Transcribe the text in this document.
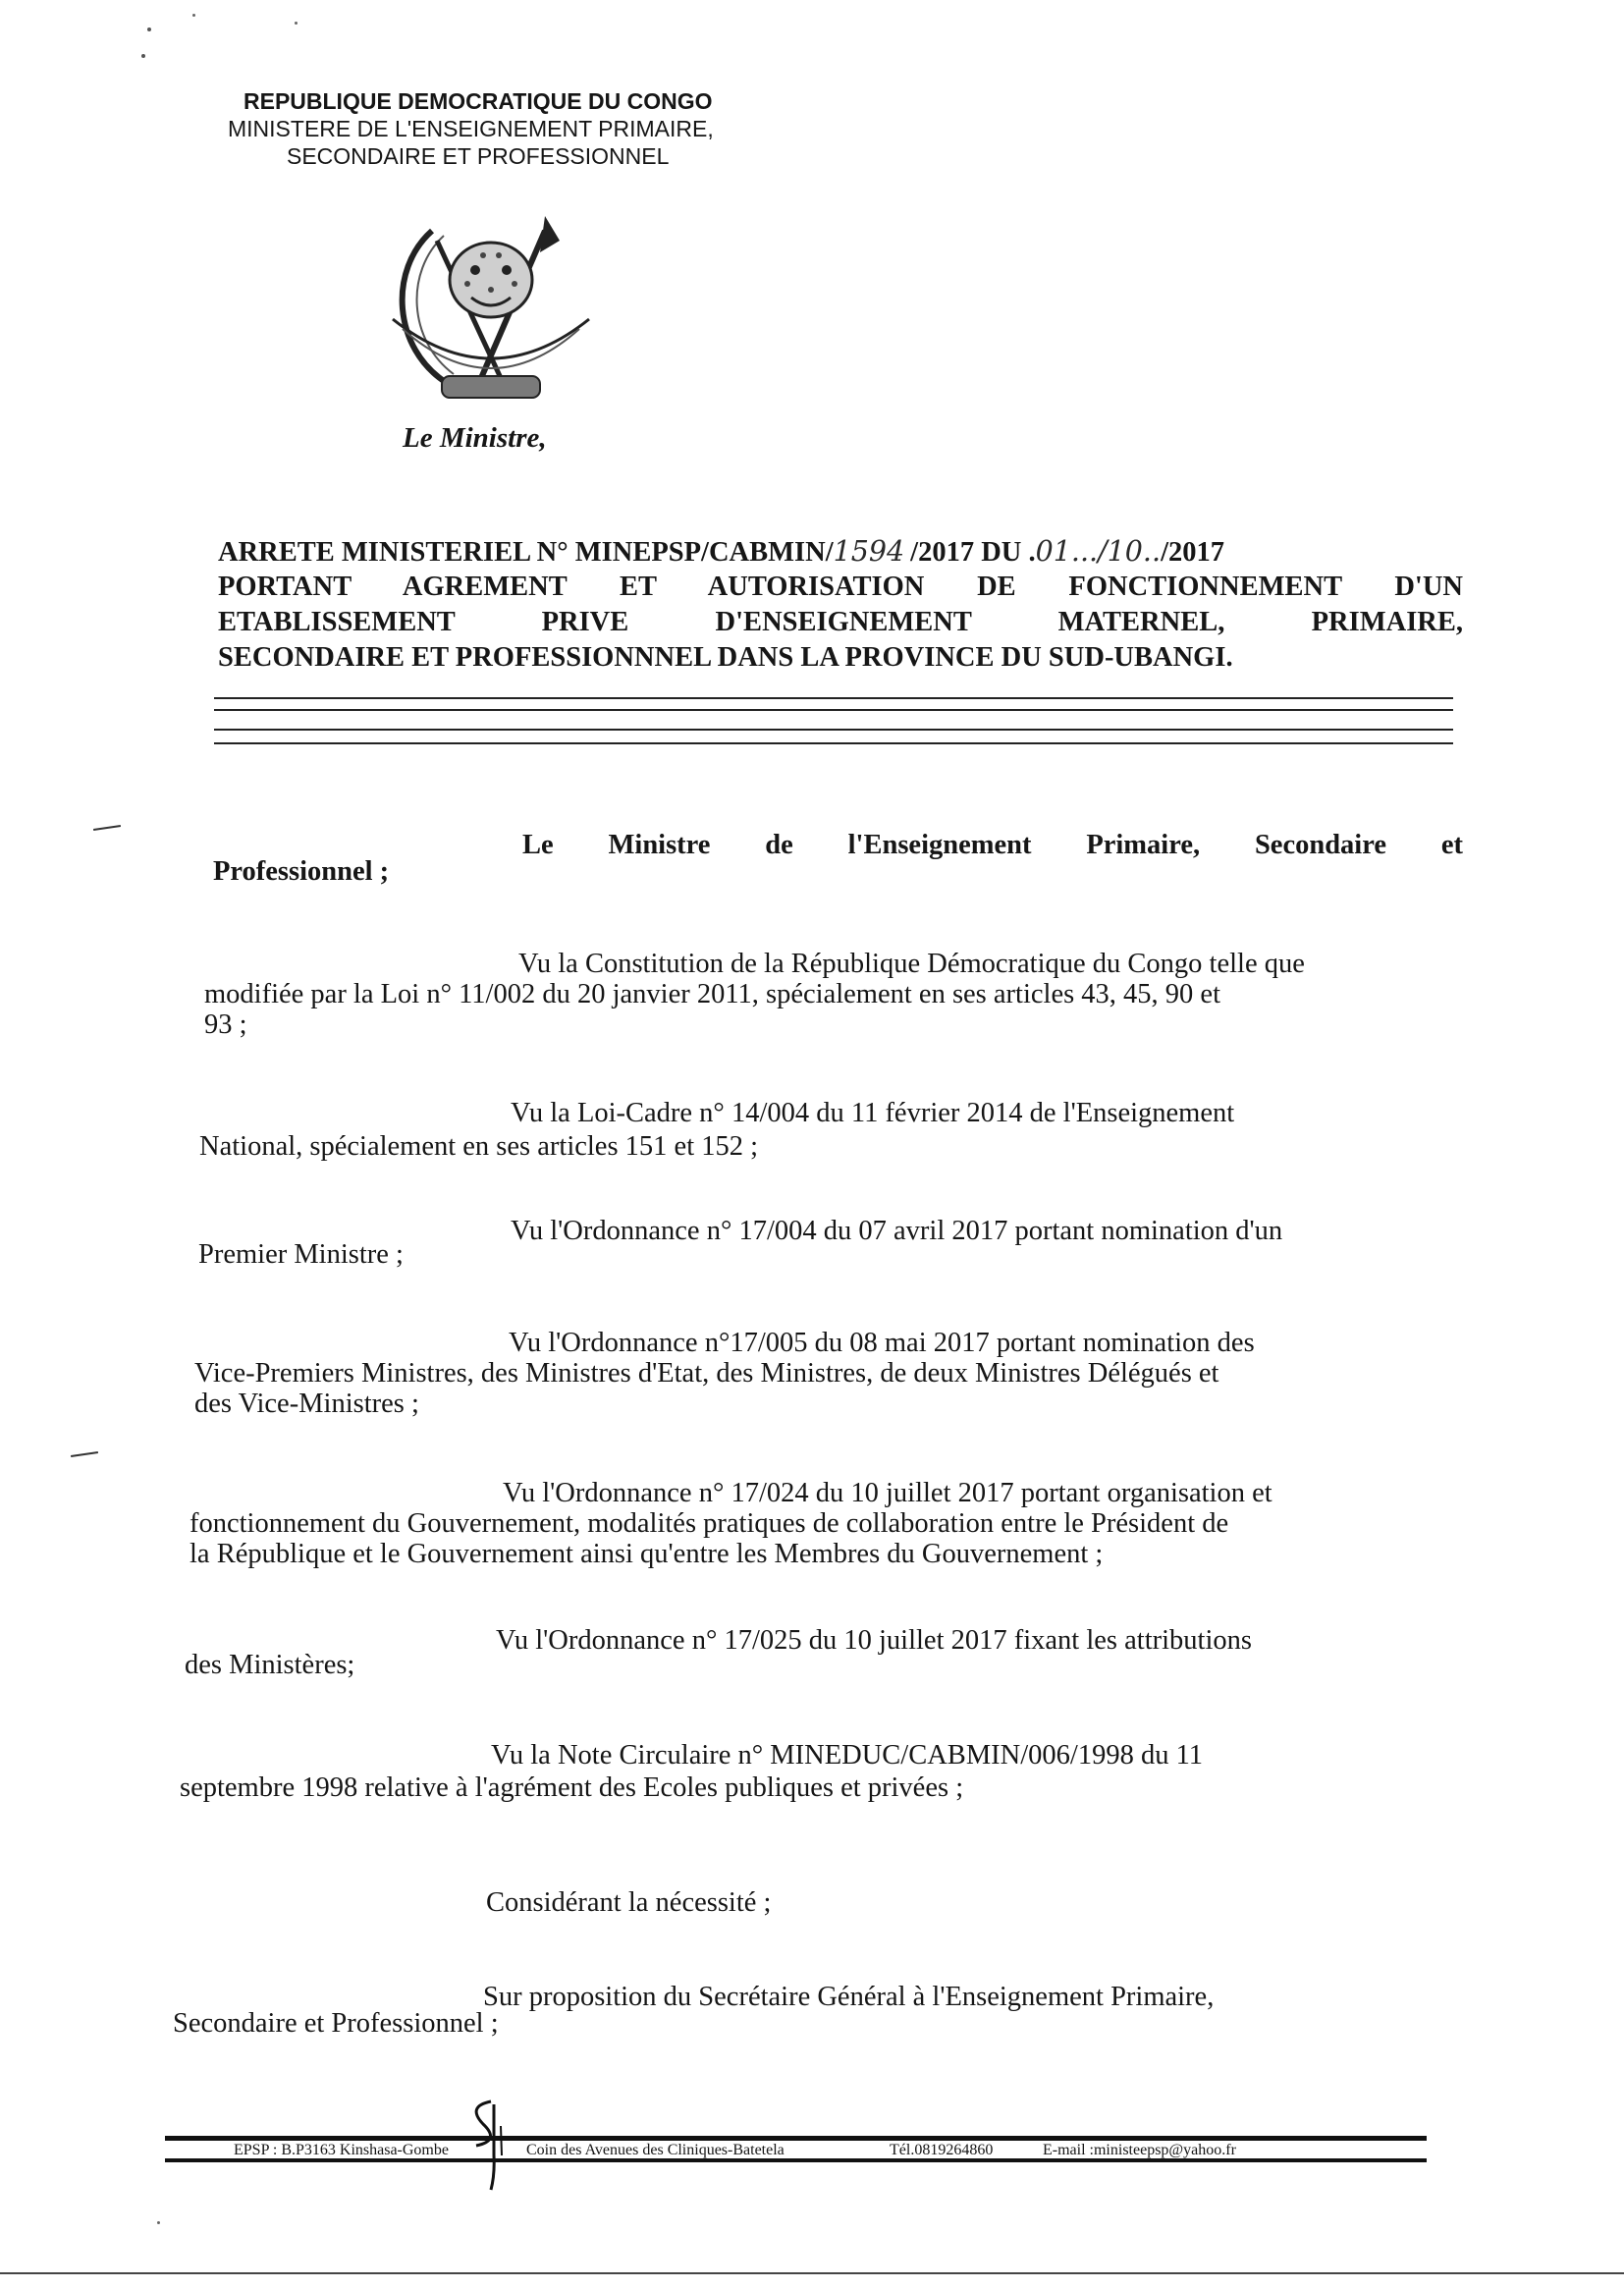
REPUBLIQUE DEMOCRATIQUE DU CONGO
MINISTERE DE L'ENSEIGNEMENT PRIMAIRE,
SECONDAIRE ET PROFESSIONNEL
Le Ministre,
ARRETE MINISTERIEL N° MINEPSP/CABMIN/1594 /2017 DU .01.../10../2017
PORTANT AGREMENT ET AUTORISATION DE FONCTIONNEMENT D'UN
ETABLISSEMENT PRIVE D'ENSEIGNEMENT MATERNEL, PRIMAIRE,
SECONDAIRE ET PROFESSIONNNEL DANS LA PROVINCE DU SUD-UBANGI.
Le Ministre de l'Enseignement Primaire, Secondaire et
Professionnel ;
Vu la Constitution de la République Démocratique du Congo telle que
modifiée par la Loi n° 11/002 du 20 janvier 2011, spécialement en ses articles 43, 45, 90 et
93 ;
Vu la Loi-Cadre n° 14/004 du 11 février 2014 de l'Enseignement
National, spécialement en ses articles 151 et 152 ;
Vu l'Ordonnance n° 17/004 du 07 avril 2017 portant nomination d'un
Premier Ministre ;
Vu l'Ordonnance n°17/005 du 08 mai 2017 portant nomination des
Vice-Premiers Ministres, des Ministres d'Etat, des Ministres, de deux Ministres Délégués et
des Vice-Ministres ;
Vu l'Ordonnance n° 17/024 du 10 juillet 2017 portant organisation et
fonctionnement du Gouvernement, modalités pratiques de collaboration entre le Président de
la République et le Gouvernement ainsi qu'entre les Membres du Gouvernement ;
Vu l'Ordonnance n° 17/025 du 10 juillet 2017 fixant les attributions
des Ministères;
Vu la Note Circulaire n° MINEDUC/CABMIN/006/1998 du 11
septembre 1998 relative à l'agrément des Ecoles publiques et privées ;
Considérant la nécessité ;
Sur proposition du Secrétaire Général à l'Enseignement Primaire,
Secondaire et Professionnel ;
EPSP : B.P3163 Kinshasa-Gombe	Coin des Avenues des Cliniques-Batetela	Tél.0819264860	E-mail :ministeepsp@yahoo.fr
